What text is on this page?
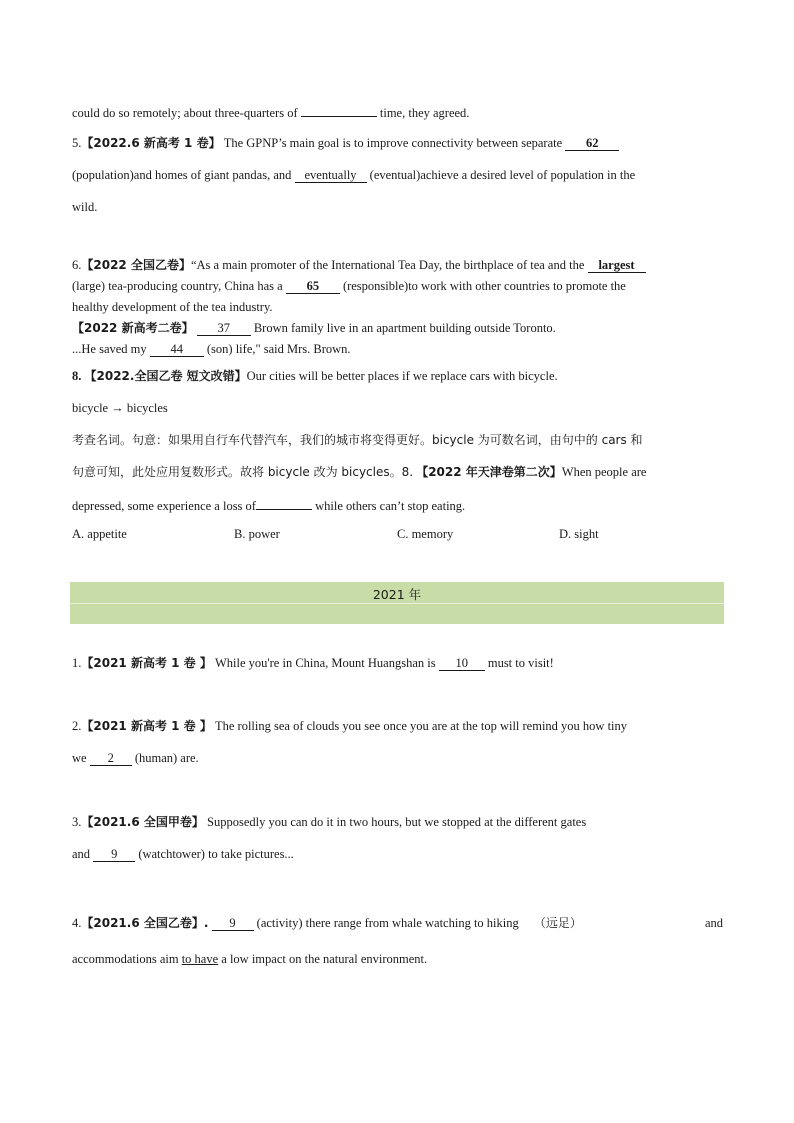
could do so remotely; about three-quarters of	time, they agreed.
5.【2022.6 新高考 1 卷】 The GPNP’s main goal is to improve connectivity between separate 62
(population)and homes of giant pandas, and eventually (eventual)achieve a desired level of population in the
wild.
6.【2022 全国乙卷】“As a main promoter of the International Tea Day, the birthplace of tea and the largest
(large) tea-producing country, China has a 65 (responsible)to work with other countries to promote the
healthy development of the tea industry.
【2022 新高考二卷】 37 Brown family live in an apartment building outside Toronto.
...He saved my 44 (son) life," said Mrs. Brown.
8. 【2022.全国乙卷 短文改错】Our cities will be better places if we replace cars with bicycle.
bicycle → bicycles
考查名词。句意：如果用自行车代替汽车，我们的城市将变得更好。bicycle 为可数名词，由句中的 cars 和
句意可知，此处应用复数形式。故将 bicycle 改为 bicycles。8. 【2022 年天津卷第二次】When people are
depressed, some experience a loss of	while others can’t stop eating.
A. appetite	B. power	C. memory	D. sight
1.【2021 新高考 1 卷 】 While you're in China, Mount Huangshan is 10 must to visit!
2.【2021 新高考 1 卷 】 The rolling sea of clouds you see once you are at the top will remind you how tiny
we 2 (human) are.
3.【2021.6 全国甲卷】 Supposedly you can do it in two hours, but we stopped at the different gates
and 9 (watchtower) to take pictures...
4.【2021.6 全国乙卷】. 9 (activity) there range from whale watching to hiking （远足）	and
accommodations aim to have a low impact on the natural environment.
2021 年
